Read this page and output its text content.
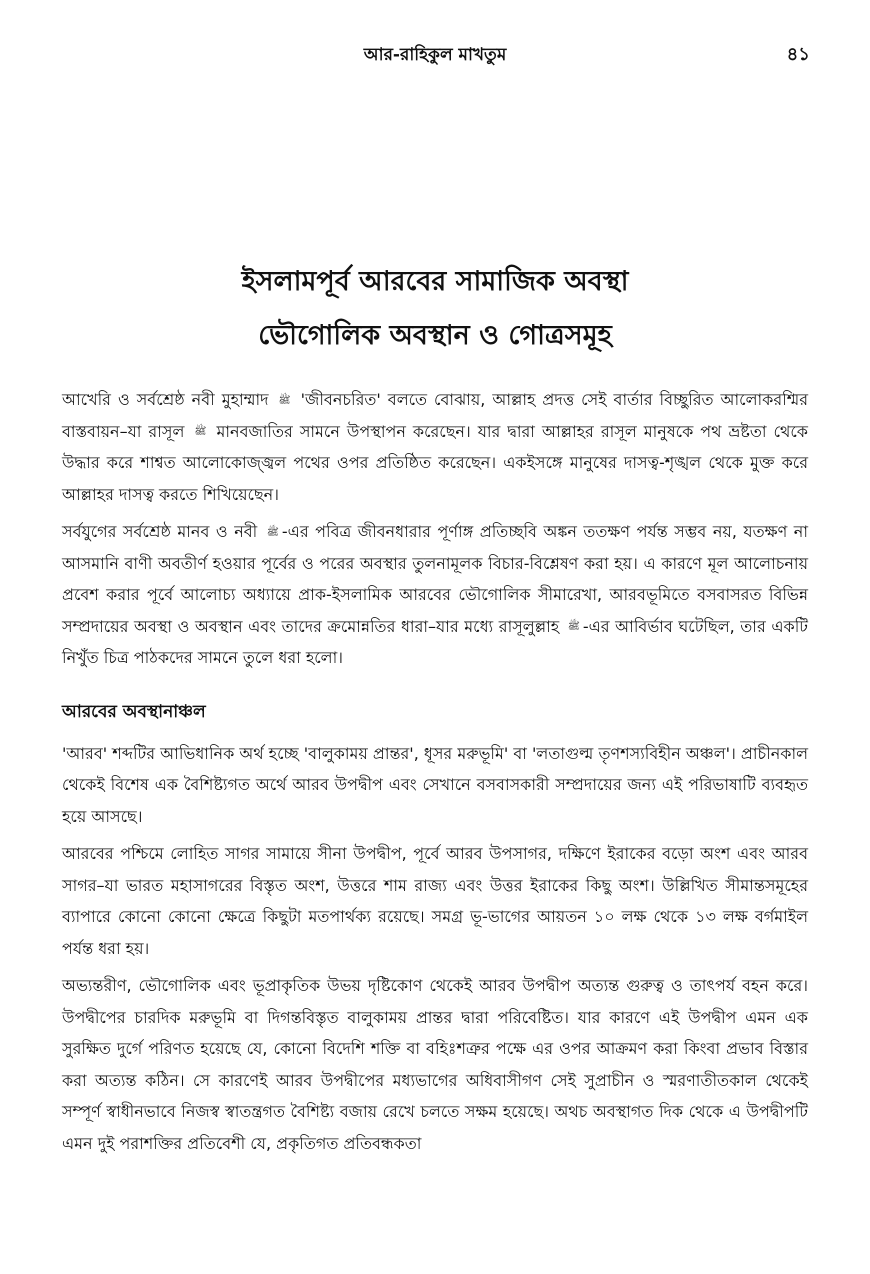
আর-রাহিকুল মাখতুম	৪১
ইসলামপূর্ব আরবের সামাজিক অবস্থা
ভৌগোলিক অবস্থান ও গোত্রসমূহ

আখেরি ও সর্বশ্রেষ্ঠ নবী মুহাম্মাদ ﷺ 'জীবনচরিত' বলতে বোঝায়, আল্লাহ প্রদত্ত সেই বার্তার বিচ্ছুরিত আলোকরশ্মির বাস্তবায়ন–যা রাসূল ﷺ মানবজাতির সামনে উপস্থাপন করেছেন। যার দ্বারা আল্লাহর রাসূল মানুষকে পথ ভ্রষ্টতা থেকে উদ্ধার করে শাশ্বত আলোকোজ্জ্বল পথের ওপর প্রতিষ্ঠিত করেছেন। একইসঙ্গে মানুষের দাসত্ব-শৃঙ্খল থেকে মুক্ত করে আল্লাহর দাসত্ব করতে শিখিয়েছেন।

সর্বযুগের সর্বশ্রেষ্ঠ মানব ও নবী ﷺ -এর পবিত্র জীবনধারার পূর্ণাঙ্গ প্রতিচ্ছবি অঙ্কন ততক্ষণ পর্যন্ত সম্ভব নয়, যতক্ষণ না আসমানি বাণী অবতীর্ণ হওয়ার পূর্বের ও পরের অবস্থার তুলনামূলক বিচার-বিশ্লেষণ করা হয়। এ কারণে মূল আলোচনায় প্রবেশ করার পূর্বে আলোচ্য অধ্যায়ে প্রাক-ইসলামিক আরবের ভৌগোলিক সীমারেখা, আরবভূমিতে বসবাসরত বিভিন্ন সম্প্রদায়ের অবস্থা ও অবস্থান এবং তাদের ক্রমোন্নতির ধারা–যার মধ্যে রাসূলুল্লাহ ﷺ -এর আবির্ভাব ঘটেছিল, তার একটি নিখুঁত চিত্র পাঠকদের সামনে তুলে ধরা হলো।

আরবের অবস্থানাঞ্চল

'আরব' শব্দটির আভিধানিক অর্থ হচ্ছে 'বালুকাময় প্রান্তর', ধূসর মরুভূমি' বা 'লতাগুল্ম তৃণশস্যবিহীন অঞ্চল'। প্রাচীনকাল থেকেই বিশেষ এক বৈশিষ্ট্যগত অর্থে আরব উপদ্বীপ এবং সেখানে বসবাসকারী সম্প্রদায়ের জন্য এই পরিভাষাটি ব্যবহৃত হয়ে আসছে।

আরবের পশ্চিমে লোহিত সাগর সামায়ে সীনা উপদ্বীপ, পূর্বে আরব উপসাগর, দক্ষিণে ইরাকের বড়ো অংশ এবং আরব সাগর–যা ভারত মহাসাগরের বিস্তৃত অংশ, উত্তরে শাম রাজ্য এবং উত্তর ইরাকের কিছু অংশ। উল্লিখিত সীমান্তসমূহের ব্যাপারে কোনো কোনো ক্ষেত্রে কিছুটা মতপার্থক্য রয়েছে। সমগ্র ভূ-ভাগের আয়তন ১০ লক্ষ থেকে ১৩ লক্ষ বর্গমাইল পর্যন্ত ধরা হয়।

অভ্যন্তরীণ, ভৌগোলিক এবং ভূপ্রাকৃতিক উভয় দৃষ্টিকোণ থেকেই আরব উপদ্বীপ অত্যন্ত গুরুত্ব ও তাৎপর্য বহন করে। উপদ্বীপের চারদিক মরুভূমি বা দিগন্তবিস্তৃত বালুকাময় প্রান্তর দ্বারা পরিবেষ্টিত। যার কারণে এই উপদ্বীপ এমন এক সুরক্ষিত দুর্গে পরিণত হয়েছে যে, কোনো বিদেশি শক্তি বা বহিঃশত্রুর পক্ষে এর ওপর আক্রমণ করা কিংবা প্রভাব বিস্তার করা অত্যন্ত কঠিন। সে কারণেই আরব উপদ্বীপের মধ্যভাগের অধিবাসীগণ সেই সুপ্রাচীন ও স্মরণাতীতকাল থেকেই সম্পূর্ণ স্বাধীনভাবে নিজস্ব স্বাতন্ত্রগত বৈশিষ্ট্য বজায় রেখে চলতে সক্ষম হয়েছে। অথচ অবস্থাগত দিক থেকে এ উপদ্বীপটি এমন দুই পরাশক্তির প্রতিবেশী যে, প্রকৃতিগত প্রতিবন্ধকতা
